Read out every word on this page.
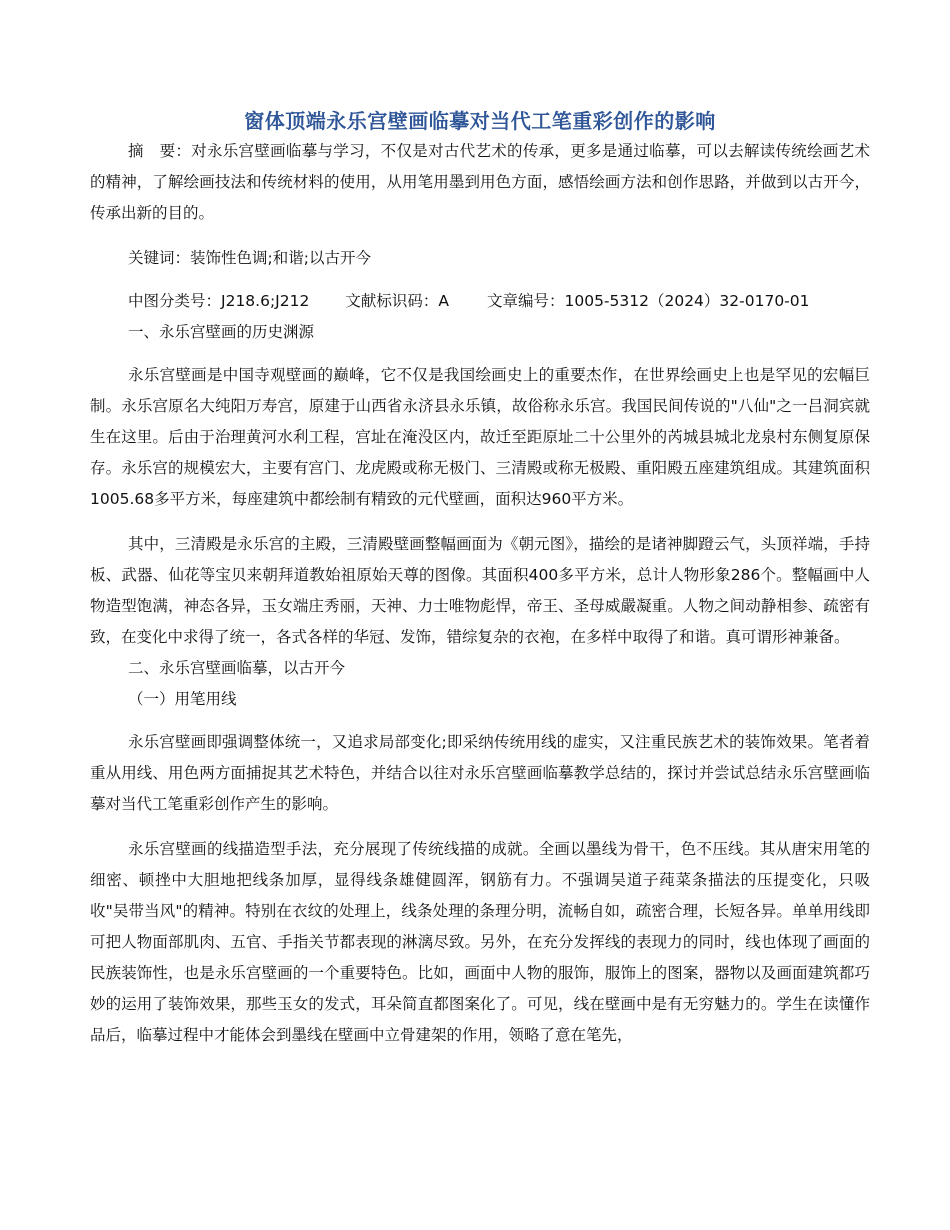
窗体顶端永乐宫壁画临摹对当代工笔重彩创作的影响

摘　要：对永乐宫壁画临摹与学习，不仅是对古代艺术的传承，更多是通过临摹，可以去解读传统绘画艺术的精神，了解绘画技法和传统材料的使用，从用笔用墨到用色方面，感悟绘画方法和创作思路，并做到以古开今，传承出新的目的。

关键词：装饰性色调;和谐;以古开今
中图分类号：J218.6;J212 文献标识码：A 文章编号：1005-5312（2024）32-0170-01
一、永乐宫壁画的历史渊源

永乐宫壁画是中国寺观壁画的巅峰，它不仅是我国绘画史上的重要杰作，在世界绘画史上也是罕见的宏幅巨制。永乐宫原名大纯阳万寿宫，原建于山西省永济县永乐镇，故俗称永乐宫。我国民间传说的"八仙"之一吕洞宾就生在这里。后由于治理黄河水利工程，宫址在淹没区内，故迁至距原址二十公里外的芮城县城北龙泉村东侧复原保存。永乐宫的规模宏大，主要有宫门、龙虎殿或称无极门、三清殿或称无极殿、重阳殿五座建筑组成。其建筑面积1005.68多平方米，每座建筑中都绘制有精致的元代壁画，面积达960平方米。

其中，三清殿是永乐宫的主殿，三清殿壁画整幅画面为《朝元图》，描绘的是诸神脚蹬云气，头顶祥端，手持板、武器、仙花等宝贝来朝拜道教始祖原始天尊的图像。其面积400多平方米，总计人物形象286个。整幅画中人物造型饱满，神态各异，玉女端庄秀丽，天神、力士唯物彪悍，帝王、圣母威嚴凝重。人物之间动静相参、疏密有致，在变化中求得了统一，各式各样的华冠、发饰，错综复杂的衣袍，在多样中取得了和谐。真可谓形神兼备。

二、永乐宫壁画临摹，以古开今
（一）用笔用线

永乐宫壁画即强调整体统一，又追求局部变化;即采纳传统用线的虚实，又注重民族艺术的装饰效果。笔者着重从用线、用色两方面捕捉其艺术特色，并结合以往对永乐宫壁画临摹教学总结的，探讨并尝试总结永乐宫壁画临摹对当代工笔重彩创作产生的影响。

永乐宫壁画的线描造型手法，充分展现了传统线描的成就。全画以墨线为骨干，色不压线。其从唐宋用笔的细密、顿挫中大胆地把线条加厚，显得线条雄健圆浑，钢筋有力。不强调吴道子莼菜条描法的压提变化，只吸收"吴带当风"的精神。特别在衣纹的处理上，线条处理的条理分明，流畅自如，疏密合理，长短各异。单单用线即可把人物面部肌肉、五官、手指关节都表现的淋漓尽致。另外，在充分发挥线的表现力的同时，线也体现了画面的民族装饰性，也是永乐宫壁画的一个重要特色。比如，画面中人物的服饰，服饰上的图案，器物以及画面建筑都巧妙的运用了装饰效果，那些玉女的发式，耳朵简直都图案化了。可见，线在壁画中是有无穷魅力的。学生在读懂作品后，临摹过程中才能体会到墨线在壁画中立骨建架的作用，领略了意在笔先，
